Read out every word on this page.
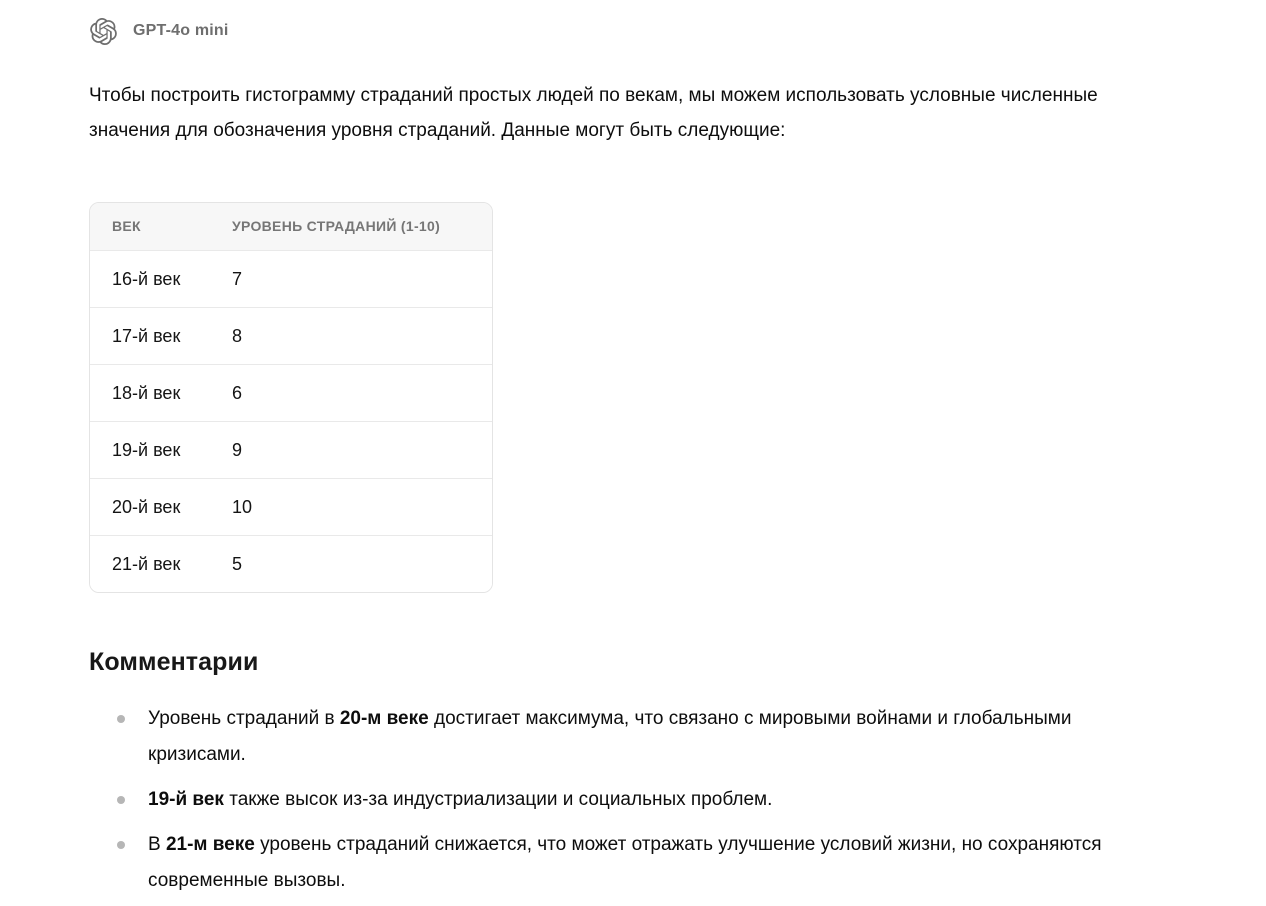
GPT-4o mini

Чтобы построить гистограмму страданий простых людей по векам, мы можем использовать условные численные значения для обозначения уровня страданий. Данные могут быть следующие:

ВЕК	УРОВЕНЬ СТРАДАНИЙ (1-10)
16-й век	7
17-й век	8
18-й век	6
19-й век	9
20-й век	10
21-й век	5
Комментарии
Уровень страданий в 20-м веке достигает максимума, что связано с мировыми войнами и глобальными кризисами.
19-й век также высок из-за индустриализации и социальных проблем.
В 21-м веке уровень страданий снижается, что может отражать улучшение условий жизни, но сохраняются современные вызовы.
